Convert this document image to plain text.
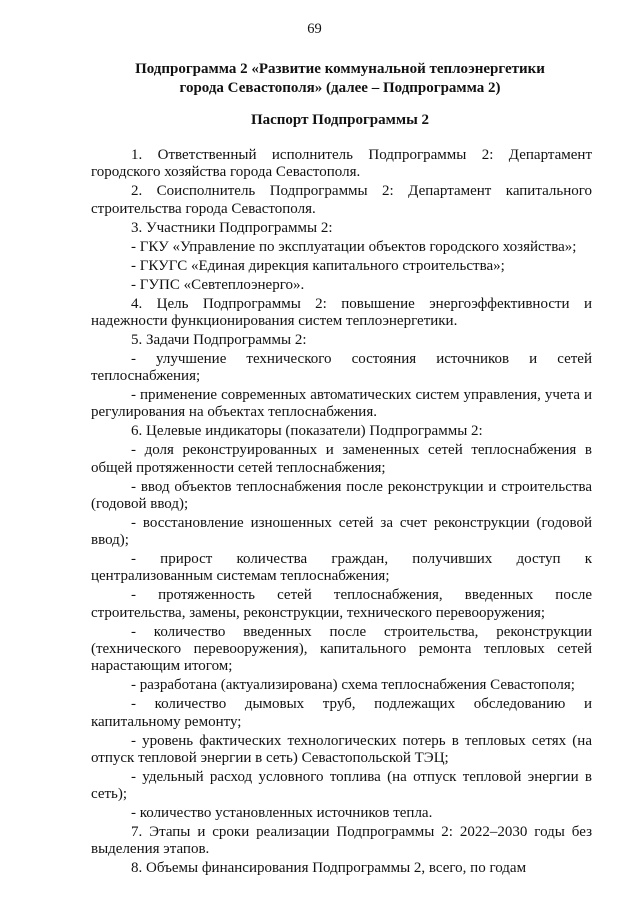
69
Подпрограмма 2 «Развитие коммунальной теплоэнергетики
города Севастополя» (далее – Подпрограмма 2)
Паспорт Подпрограммы 2

1. Ответственный исполнитель Подпрограммы 2: Департамент городского хозяйства города Севастополя.

2. Соисполнитель Подпрограммы 2: Департамент капитального строительства города Севастополя.

3. Участники Подпрограммы 2:

- ГКУ «Управление по эксплуатации объектов городского хозяйства»;

- ГКУГС «Единая дирекция капитального строительства»;

- ГУПС «Севтеплоэнерго».

4. Цель Подпрограммы 2: повышение энергоэффективности и надежности функционирования систем теплоэнергетики.

5. Задачи Подпрограммы 2:

- улучшение технического состояния источников и сетей теплоснабжения;

- применение современных автоматических систем управления, учета и регулирования на объектах теплоснабжения.

6. Целевые индикаторы (показатели) Подпрограммы 2:

- доля реконструированных и замененных сетей теплоснабжения в общей протяженности сетей теплоснабжения;

- ввод объектов теплоснабжения после реконструкции и строительства (годовой ввод);

- восстановление изношенных сетей за счет реконструкции (годовой ввод);

- прирост количества граждан, получивших доступ к централизованным системам теплоснабжения;

- протяженность сетей теплоснабжения, введенных после строительства, замены, реконструкции, технического перевооружения;

- количество введенных после строительства, реконструкции (технического перевооружения), капитального ремонта тепловых сетей нарастающим итогом;

- разработана (актуализирована) схема теплоснабжения Севастополя;

- количество дымовых труб, подлежащих обследованию и капитальному ремонту;

- уровень фактических технологических потерь в тепловых сетях (на отпуск тепловой энергии в сеть) Севастопольской ТЭЦ;

- удельный расход условного топлива (на отпуск тепловой энергии в сеть);

- количество установленных источников тепла.

7. Этапы и сроки реализации Подпрограммы 2: 2022–2030 годы без выделения этапов.

8. Объемы финансирования Подпрограммы 2, всего, по годам
